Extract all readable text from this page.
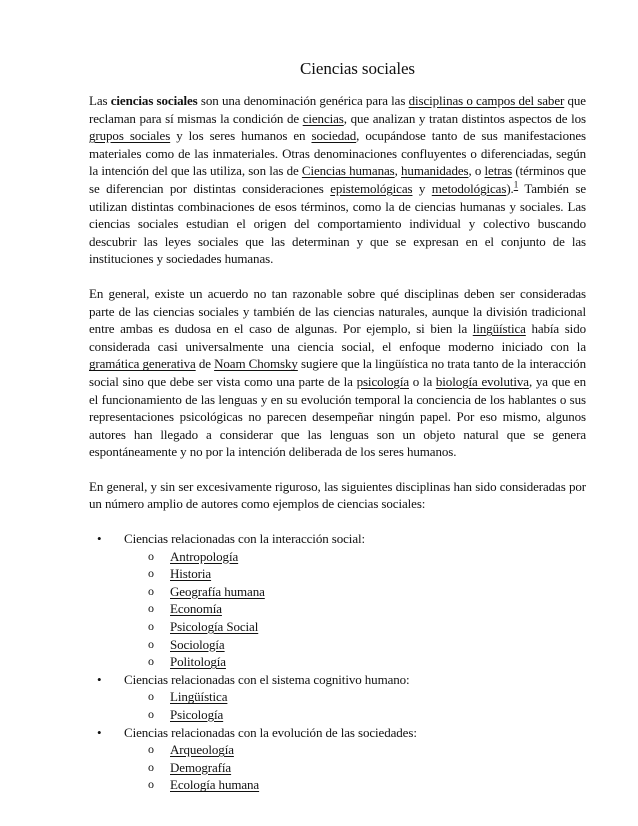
Ciencias sociales

Las ciencias sociales son una denominación genérica para las disciplinas o campos del saber que reclaman para sí mismas la condición de ciencias, que analizan y tratan distintos aspectos de los grupos sociales y los seres humanos en sociedad, ocupándose tanto de sus manifestaciones materiales como de las inmateriales. Otras denominaciones confluyentes o diferenciadas, según la intención del que las utiliza, son las de Ciencias humanas, humanidades, o letras (términos que se diferencian por distintas consideraciones epistemológicas y metodológicas).$^1$ También se utilizan distintas combinaciones de esos términos, como la de ciencias humanas y sociales. Las ciencias sociales estudian el origen del comportamiento individual y colectivo buscando descubrir las leyes sociales que las determinan y que se expresan en el conjunto de las instituciones y sociedades humanas.

En general, existe un acuerdo no tan razonable sobre qué disciplinas deben ser consideradas parte de las ciencias sociales y también de las ciencias naturales, aunque la división tradicional entre ambas es dudosa en el caso de algunas. Por ejemplo, si bien la lingüística había sido considerada casi universalmente una ciencia social, el enfoque moderno iniciado con la gramática generativa de Noam Chomsky sugiere que la lingüística no trata tanto de la interacción social sino que debe ser vista como una parte de la psicología o la biología evolutiva, ya que en el funcionamiento de las lenguas y en su evolución temporal la conciencia de los hablantes o sus representaciones psicológicas no parecen desempeñar ningún papel. Por eso mismo, algunos autores han llegado a considerar que las lenguas son un objeto natural que se genera espontáneamente y no por la intención deliberada de los seres humanos.

En general, y sin ser excesivamente riguroso, las siguientes disciplinas han sido consideradas por un número amplio de autores como ejemplos de ciencias sociales:

• Ciencias relacionadas con la interacción social:
o Antropología
o Historia
o Geografía humana
o Economía
o Psicología Social
o Sociología
o Politología
• Ciencias relacionadas con el sistema cognitivo humano:
o Lingüística
o Psicología
• Ciencias relacionadas con la evolución de las sociedades:
o Arqueología
o Demografía
o Ecología humana
